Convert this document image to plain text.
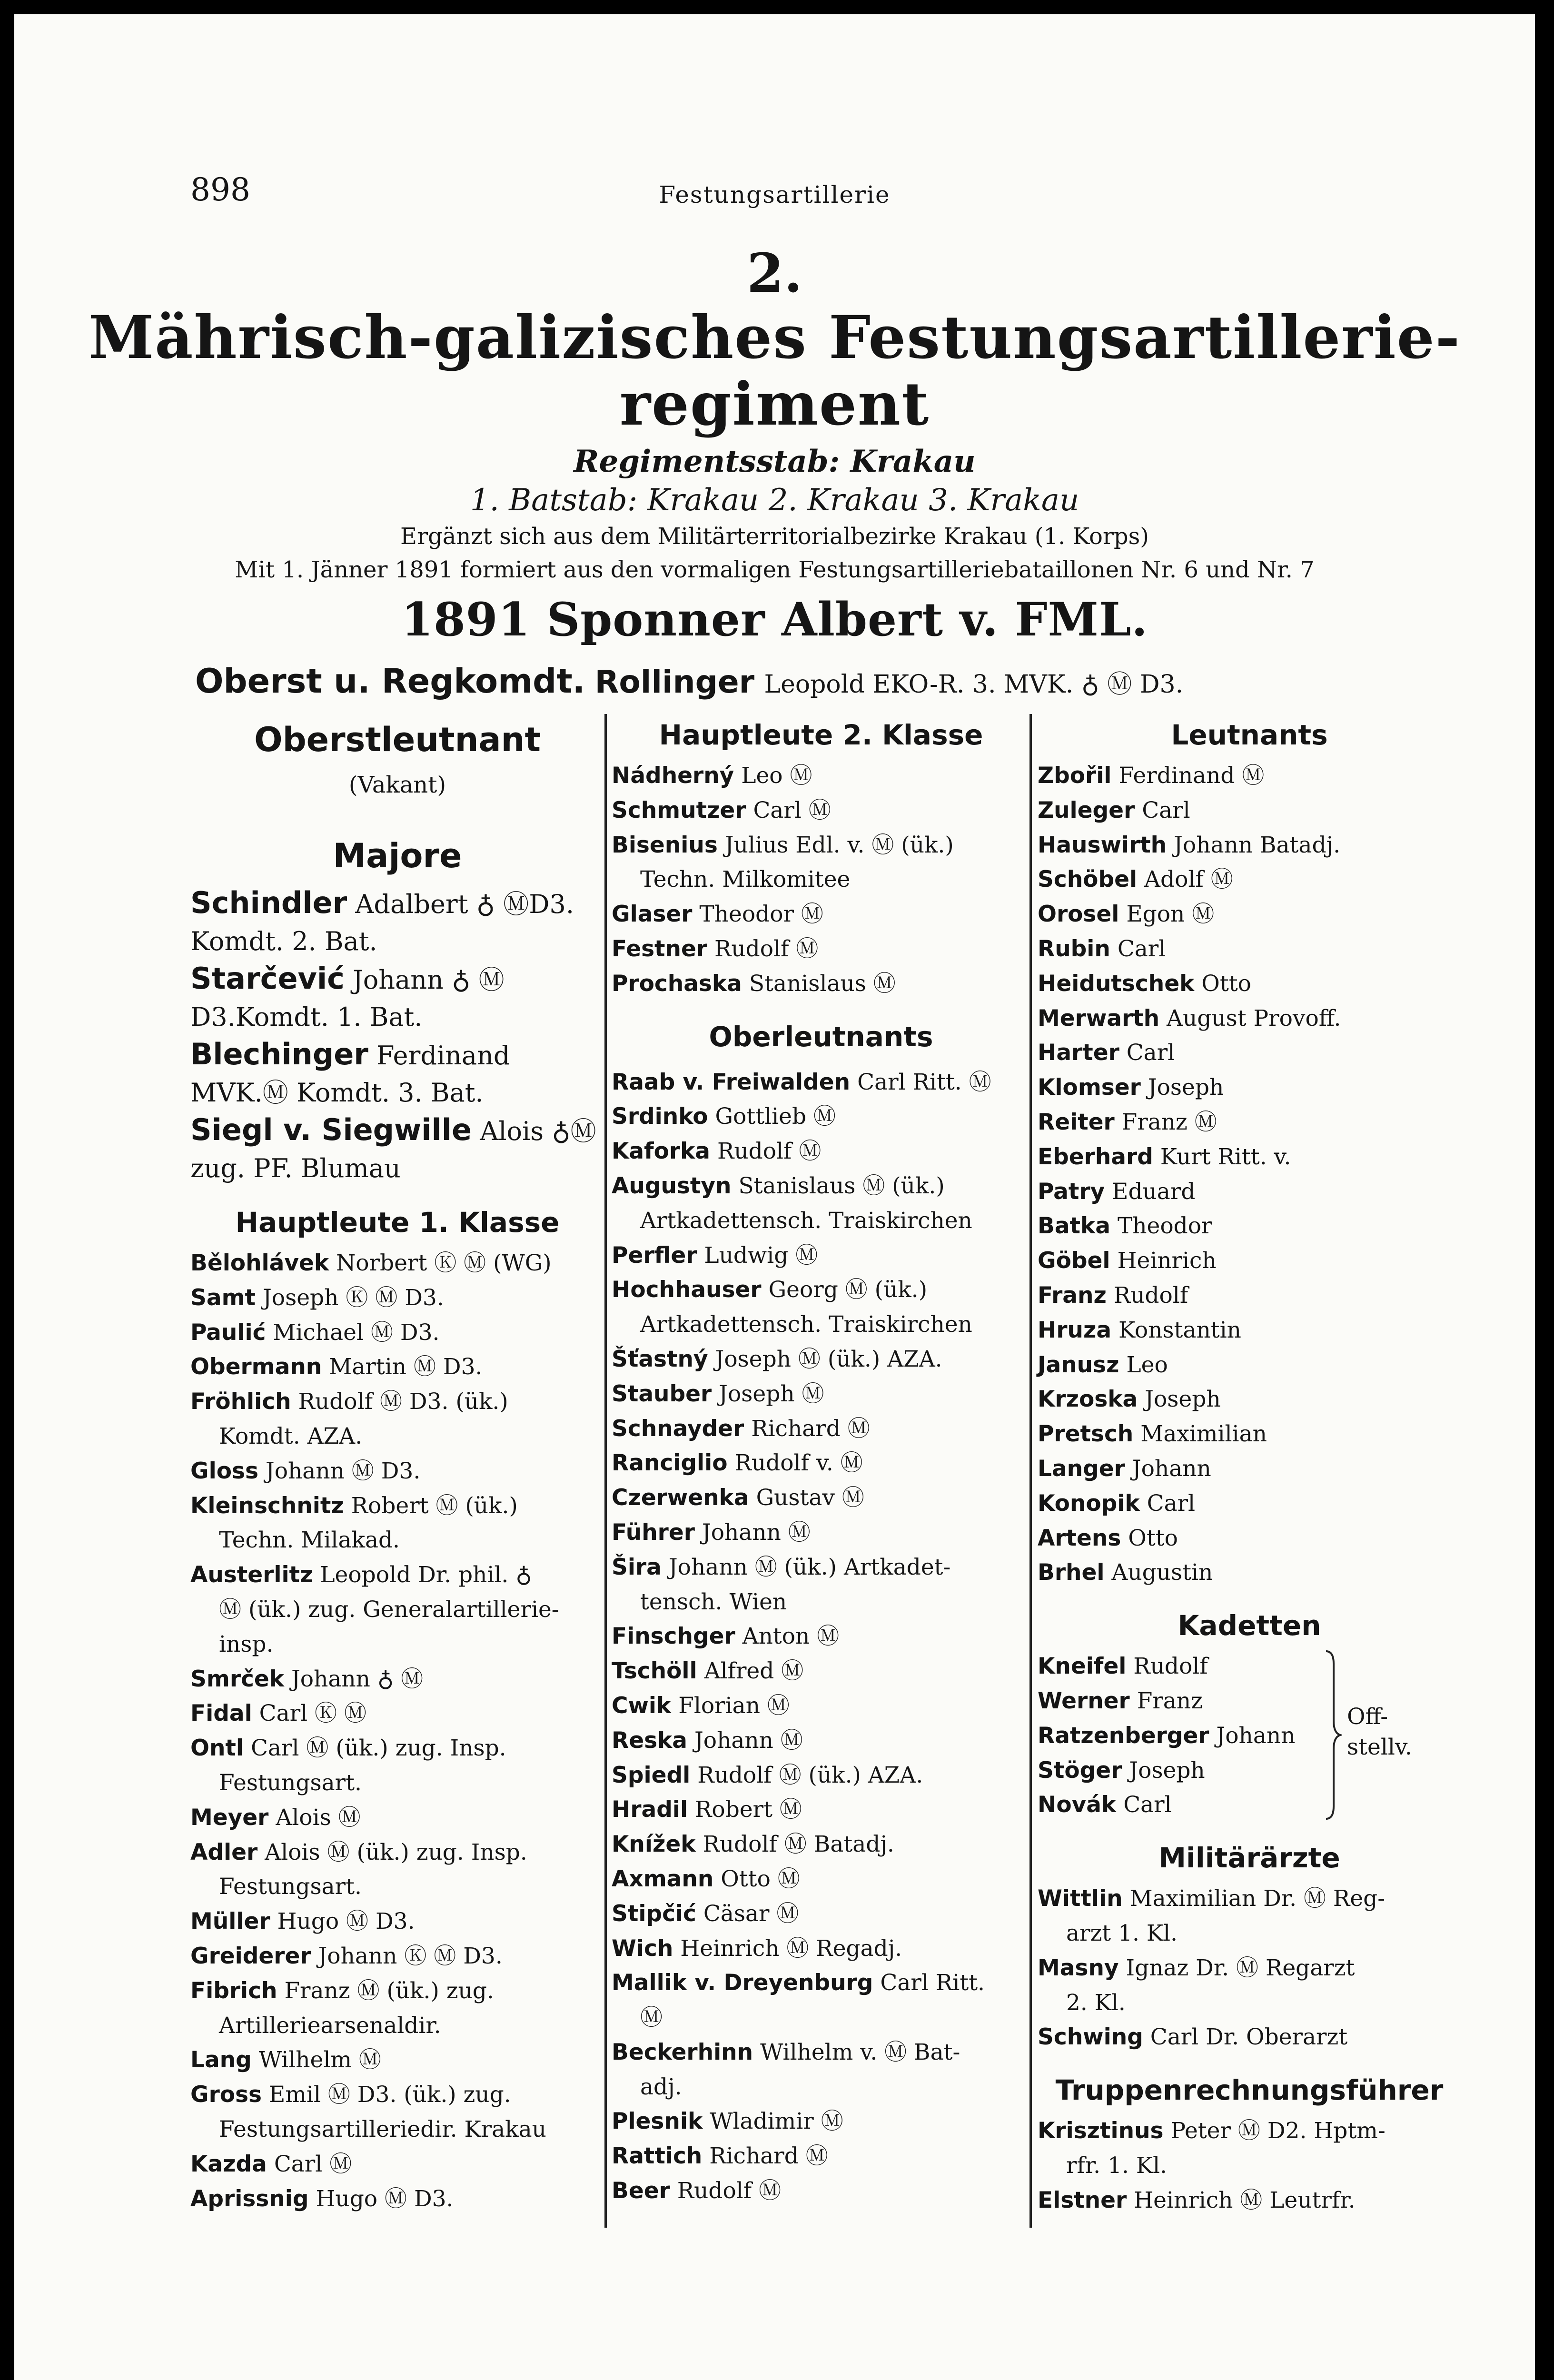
898	Festungsartillerie
2.
Mährisch-galizisches Festungsartillerie-
regiment
Regimentsstab: Krakau
1. Batstab: Krakau 2. Krakau 3. Krakau
Ergänzt sich aus dem Militärterritorialbezirke Krakau (1. Korps)
Mit 1. Jänner 1891 formiert aus den vormaligen Festungsartilleriebataillonen Nr. 6 und Nr. 7
1891 Sponner Albert v. FML.
Oberst u. Regkomdt. Rollinger Leopold EKO-R. 3. MVK. ♁ Ⓜ D3.
Oberstleutnant
(Vakant)
Majore
Schindler Adalbert ♁ ⓂD3. Komdt. 2. Bat.
Starčević Johann ♁ Ⓜ D3.Komdt. 1. Bat.
Blechinger Ferdinand MVK.Ⓜ Komdt. 3. Bat.
Siegl v. Siegwille Alois ♁Ⓜ zug. PF. Blumau
Hauptleute 1. Klasse
Bělohlávek Norbert Ⓚ Ⓜ (WG)
Samt Joseph Ⓚ Ⓜ D3.
Paulić Michael Ⓜ D3.
Obermann Martin Ⓜ D3.
Fröhlich Rudolf Ⓜ D3. (ük.)
Komdt. AZA.
Gloss Johann Ⓜ D3.
Kleinschnitz Robert Ⓜ (ük.)
Techn. Milakad.
Austerlitz Leopold Dr. phil. ♁
Ⓜ (ük.) zug. Generalartillerie-insp.
Smrček Johann ♁ Ⓜ
Fidal Carl Ⓚ Ⓜ
Ontl Carl Ⓜ (ük.) zug. Insp.
Festungsart.
Meyer Alois Ⓜ
Adler Alois Ⓜ (ük.) zug. Insp.
Festungsart.
Müller Hugo Ⓜ D3.
Greiderer Johann Ⓚ Ⓜ D3.
Fibrich Franz Ⓜ (ük.) zug.
Artilleriearsenaldir.
Lang Wilhelm Ⓜ
Gross Emil Ⓜ D3. (ük.) zug.
Festungsartilleriedir. Krakau
Kazda Carl Ⓜ
Aprissnig Hugo Ⓜ D3.
Hauptleute 2. Klasse
Nádherný Leo Ⓜ
Schmutzer Carl Ⓜ
Bisenius Julius Edl. v. Ⓜ (ük.)
Techn. Milkomitee
Glaser Theodor Ⓜ
Festner Rudolf Ⓜ
Prochaska Stanislaus Ⓜ
Oberleutnants
Raab v. Freiwalden Carl Ritt. Ⓜ
Srdinko Gottlieb Ⓜ
Kaforka Rudolf Ⓜ
Augustyn Stanislaus Ⓜ (ük.)
Artkadettensch. Traiskirchen
Perfler Ludwig Ⓜ
Hochhauser Georg Ⓜ (ük.)
Artkadettensch. Traiskirchen
Šťastný Joseph Ⓜ (ük.) AZA.
Stauber Joseph Ⓜ
Schnayder Richard Ⓜ
Ranciglio Rudolf v. Ⓜ
Czerwenka Gustav Ⓜ
Führer Johann Ⓜ
Šira Johann Ⓜ (ük.) Artkadet-
tensch. Wien
Finschger Anton Ⓜ
Tschöll Alfred Ⓜ
Cwik Florian Ⓜ
Reska Johann Ⓜ
Spiedl Rudolf Ⓜ (ük.) AZA.
Hradil Robert Ⓜ
Knížek Rudolf Ⓜ Batadj.
Axmann Otto Ⓜ
Stipčić Cäsar Ⓜ
Wich Heinrich Ⓜ Regadj.
Mallik v. Dreyenburg Carl Ritt.
Ⓜ
Beckerhinn Wilhelm v. Ⓜ Bat-
adj.
Plesnik Wladimir Ⓜ
Rattich Richard Ⓜ
Beer Rudolf Ⓜ
Leutnants
Zbořil Ferdinand Ⓜ
Zuleger Carl
Hauswirth Johann Batadj.
Schöbel Adolf Ⓜ
Orosel Egon Ⓜ
Rubin Carl
Heidutschek Otto
Merwarth August Provoff.
Harter Carl
Klomser Joseph
Reiter Franz Ⓜ
Eberhard Kurt Ritt. v.
Patry Eduard
Batka Theodor
Göbel Heinrich
Franz Rudolf
Hruza Konstantin
Janusz Leo
Krzoska Joseph
Pretsch Maximilian
Langer Johann
Konopik Carl
Artens Otto
Brhel Augustin
Kadetten
Kneifel Rudolf
Werner Franz
Ratzenberger Johann
Stöger Joseph
Novák Carl
Off-
stellv.
Militärärzte
Wittlin Maximilian Dr. Ⓜ Reg-
arzt 1. Kl.
Masny Ignaz Dr. Ⓜ Regarzt
2. Kl.
Schwing Carl Dr. Oberarzt
Truppenrechnungsführer
Krisztinus Peter Ⓜ D2. Hptm-
rfr. 1. Kl.
Elstner Heinrich Ⓜ Leutrfr.
